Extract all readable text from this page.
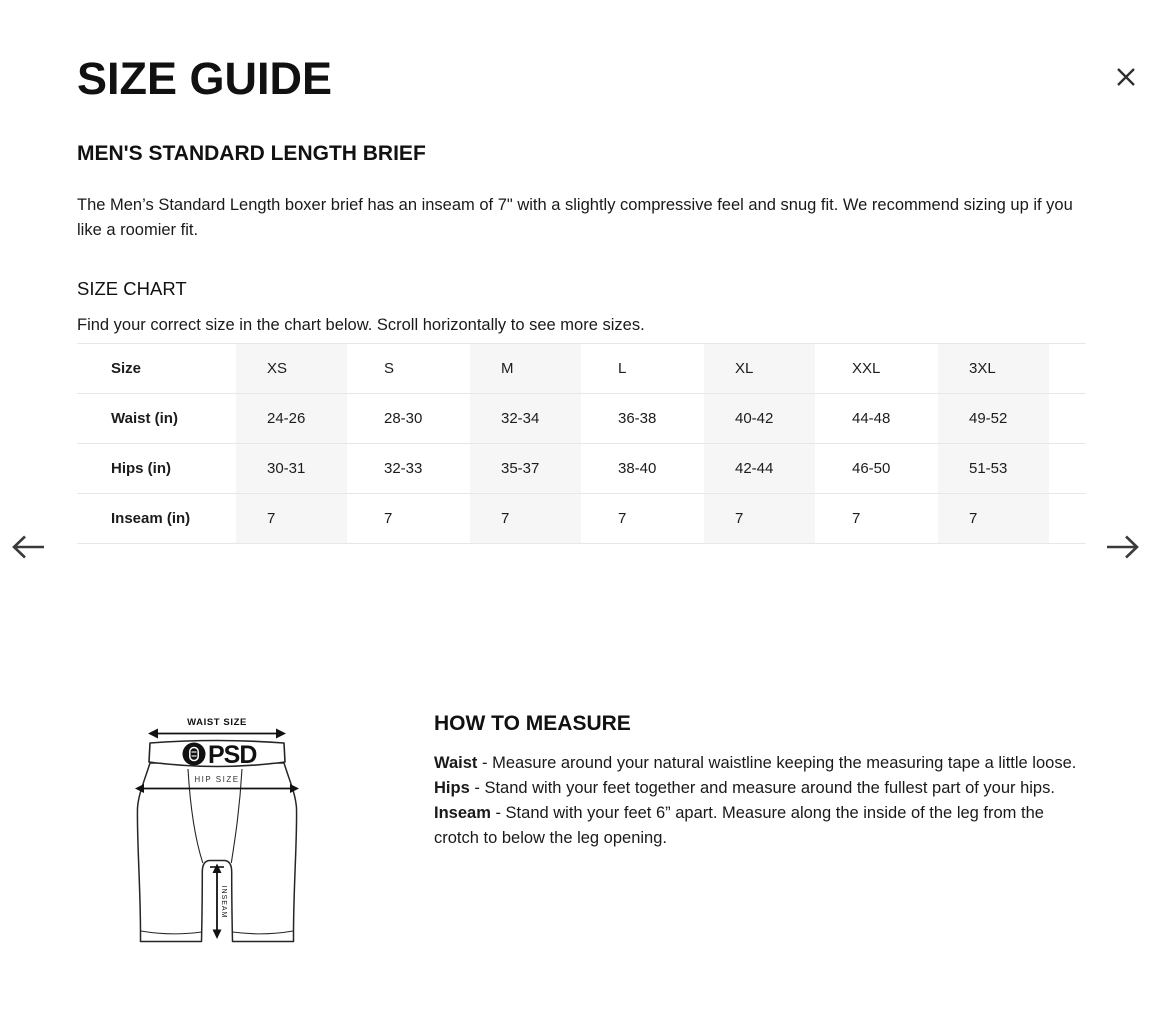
SIZE GUIDE
MEN'S STANDARD LENGTH BRIEF

The Men’s Standard Length boxer brief has an inseam of 7" with a slightly compressive feel and snug fit. We recommend sizing up if you like a roomier fit.

SIZE CHART

Find your correct size in the chart below. Scroll horizontally to see more sizes.

Size	XS	S	M	L	XL	XXL	3XL	
Waist (in)	24-26	28-30	32-34	36-38	40-42	44-48	49-52	
Hips (in)	30-31	32-33	35-37	38-40	42-44	46-50	51-53	
Inseam (in)	7	7	7	7	7	7	7	
WAIST SIZE
PSD
HIP SIZE
INSEAM
HOW TO MEASURE

Waist - Measure around your natural waistline keeping the measuring tape a little loose.

Hips - Stand with your feet together and measure around the fullest part of your hips.

Inseam - Stand with your feet 6” apart. Measure along the inside of the leg from the crotch to below the leg opening.
